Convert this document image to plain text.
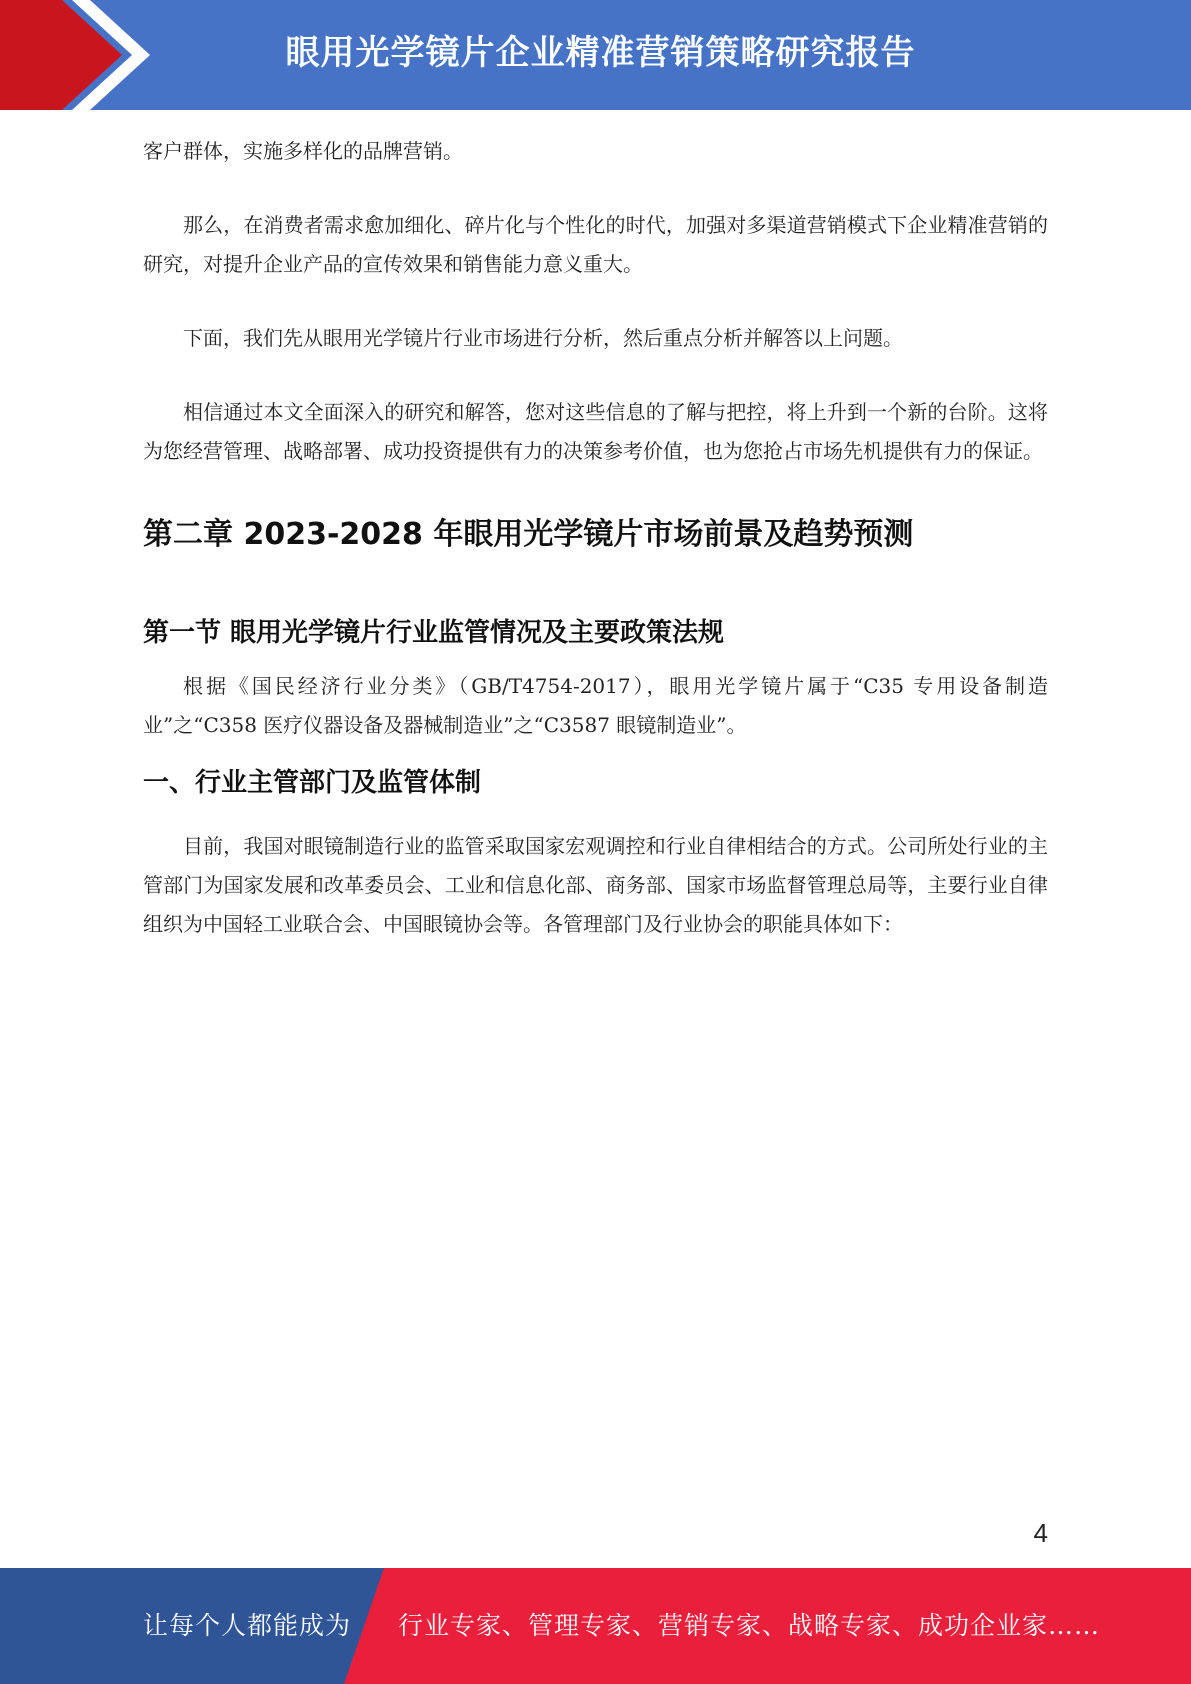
眼用光学镜片企业精准营销策略研究报告

客户群体，实施多样化的品牌营销。

那么，在消费者需求愈加细化、碎片化与个性化的时代，加强对多渠道营销模式下企业精准营销的研究，对提升企业产品的宣传效果和销售能力意义重大。

下面，我们先从眼用光学镜片行业市场进行分析，然后重点分析并解答以上问题。

相信通过本文全面深入的研究和解答，您对这些信息的了解与把控，将上升到一个新的台阶。这将为您经营管理、战略部署、成功投资提供有力的决策参考价值，也为您抢占市场先机提供有力的保证。

第二章 2023-2028 年眼用光学镜片市场前景及趋势预测
第一节 眼用光学镜片行业监管情况及主要政策法规

根据《国民经济行业分类》（GB/T4754-2017），眼用光学镜片属于“C35 专用设备制造业”之“C358 医疗仪器设备及器械制造业”之“C3587 眼镜制造业”。

一、行业主管部门及监管体制

目前，我国对眼镜制造行业的监管采取国家宏观调控和行业自律相结合的方式。公司所处行业的主管部门为国家发展和改革委员会、工业和信息化部、商务部、国家市场监督管理总局等，主要行业自律组织为中国轻工业联合会、中国眼镜协会等。各管理部门及行业协会的职能具体如下：

4
让每个人都能成为 行业专家、管理专家、营销专家、战略专家、成功企业家……
